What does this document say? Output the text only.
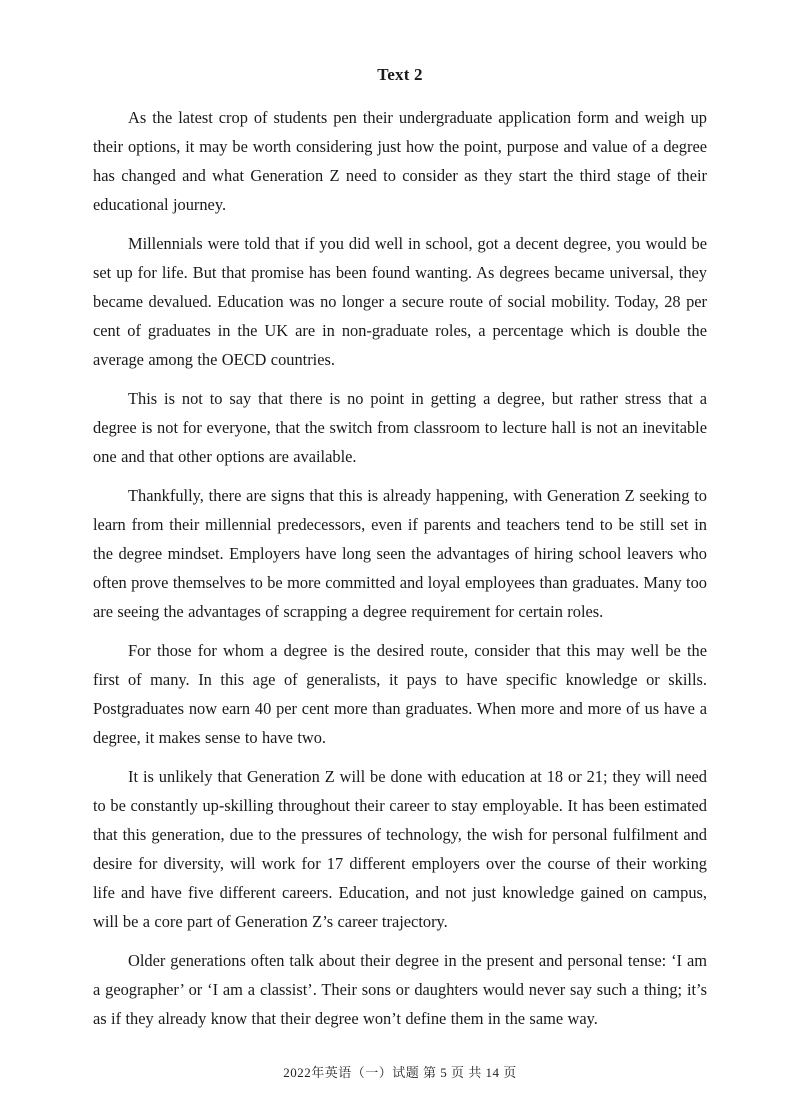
Text 2

As the latest crop of students pen their undergraduate application form and weigh up their options, it may be worth considering just how the point, purpose and value of a degree has changed and what Generation Z need to consider as they start the third stage of their educational journey.

Millennials were told that if you did well in school, got a decent degree, you would be set up for life. But that promise has been found wanting. As degrees became universal, they became devalued. Education was no longer a secure route of social mobility. Today, 28 per cent of graduates in the UK are in non-graduate roles, a percentage which is double the average among the OECD countries.

This is not to say that there is no point in getting a degree, but rather stress that a degree is not for everyone, that the switch from classroom to lecture hall is not an inevitable one and that other options are available.

Thankfully, there are signs that this is already happening, with Generation Z seeking to learn from their millennial predecessors, even if parents and teachers tend to be still set in the degree mindset. Employers have long seen the advantages of hiring school leavers who often prove themselves to be more committed and loyal employees than graduates. Many too are seeing the advantages of scrapping a degree requirement for certain roles.

For those for whom a degree is the desired route, consider that this may well be the first of many. In this age of generalists, it pays to have specific knowledge or skills. Postgraduates now earn 40 per cent more than graduates. When more and more of us have a degree, it makes sense to have two.

It is unlikely that Generation Z will be done with education at 18 or 21; they will need to be constantly up-skilling throughout their career to stay employable. It has been estimated that this generation, due to the pressures of technology, the wish for personal fulfilment and desire for diversity, will work for 17 different employers over the course of their working life and have five different careers. Education, and not just knowledge gained on campus, will be a core part of Generation Z’s career trajectory.

Older generations often talk about their degree in the present and personal tense: ‘I am a geographer’ or ‘I am a classist’. Their sons or daughters would never say such a thing; it’s as if they already know that their degree won’t define them in the same way.

2022年英语（一）试题 第 5 页 共 14 页
